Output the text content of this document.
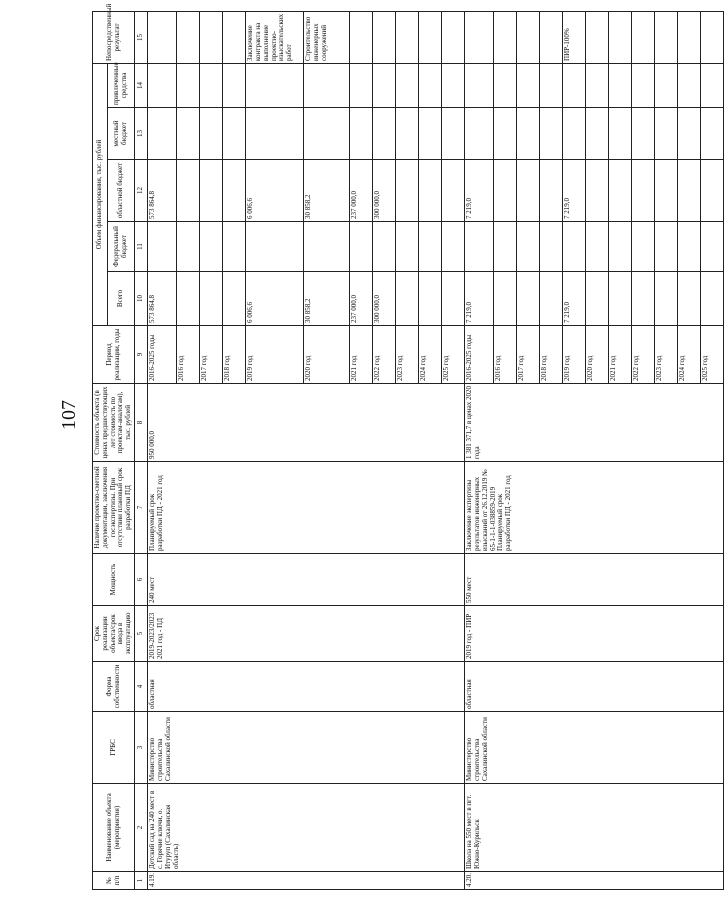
107
№ п/п	Наименование объекта (мероприятия)	ГРБС	Форма собственности	Срок реализации объекта/срок ввода в эксплуатацию	Мощность	Наличие проектно-сметной документации, заключения госэкспертизы. При отсутствии плановый срок разработки ПД	Стоимость объекта (в ценах предшествующих лет стоимость по проектам-аналогам), тыс. рублей	Период реализации, годы	Объем финансирования, тыс. рублей					Непосредственный результат
									Всего	Федеральный бюджет	областной бюджет	местный бюджет	привлеченные средства	
1	2	3	4	5	6	7	8	9	10	11	12	13	14	15
4.19.	Детский сад на 240 мест в с. Горячие ключи, о. Итуруп (Сахалинская область)	Министерство строительства Сахалинской области	областная	2019-2023/2023 2021 год - ПД	240 мест	Планируемый срок разработки ПД - 2021 год	950 000,0	2016-2025 годы	573 864,8		573 864,8			
								2016 год						
								2017 год						
								2018 год						
								2019 год	6 006,6		6 006,6			Заключение контракта на выполнение проектно-изыскательских работ
								2020 год	30 858,2		30 858,2			Строительство инженерных сооружений
								2021 год	237 000,0		237 000,0			
								2022 год	300 000,0		300 000,0			
								2023 год						
								2024 год						
								2025 год						
4.20.	Школа на 550 мест в пгт. Южно-Курильск	Министерство строительства Сахалинской области	областная	2019 год - ПИР	550 мест	Заключение экспертизы результатов инженерных изысканий от 26.12.2019 № 65-1-1-1-038859-2019 Планируемый срок разработки ПД - 2021 год	1 381 371,7 в ценах 2020 года	2016-2025 годы	7 219,0		7 219,0			
								2016 год						
								2017 год						
								2018 год						
								2019 год	7 219,0		7 219,0			ПИР-100%
								2020 год						
								2021 год						
								2022 год						
								2023 год						
								2024 год						
								2025 год						
